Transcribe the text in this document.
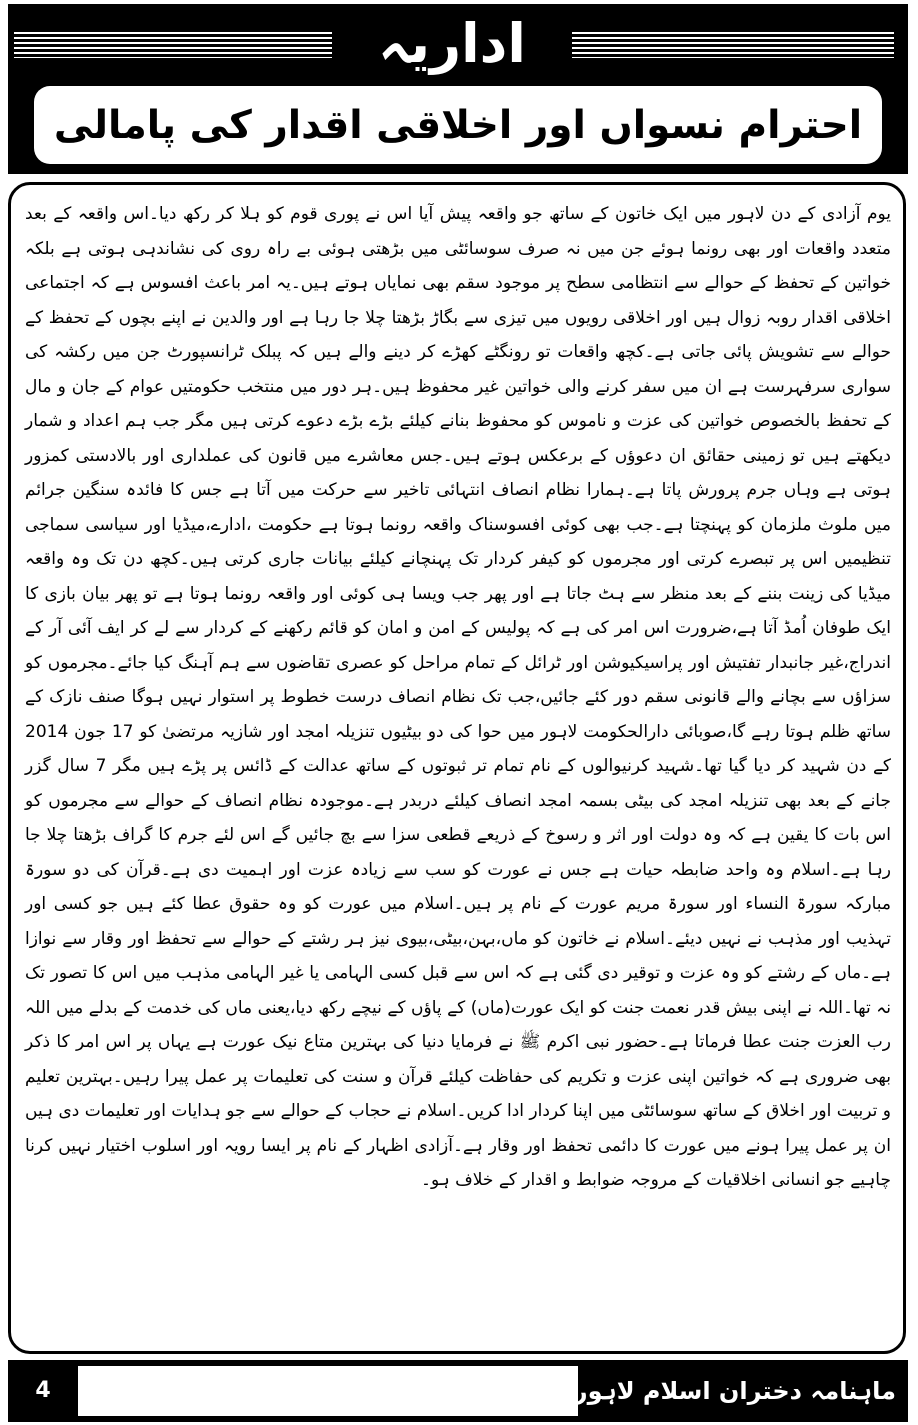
اداریہ
احترام نسواں اور اخلاقی اقدار کی پامالی
یوم آزادی کے دن لاہور میں ایک خاتون کے ساتھ جو واقعہ پیش آیا اس نے پوری قوم کو ہلا کر رکھ دیا۔اس واقعہ کے بعد متعدد واقعات اور بھی رونما ہوئے جن میں نہ صرف سوسائٹی میں بڑھتی ہوئی بے راہ روی کی نشاندہی ہوتی ہے بلکہ خواتین کے تحفظ کے حوالے سے انتظامی سطح پر موجود سقم بھی نمایاں ہوتے ہیں۔یہ امر باعث افسوس ہے کہ اجتماعی اخلاقی اقدار روبہ زوال ہیں اور اخلاقی رویوں میں تیزی سے بگاڑ بڑھتا چلا جا رہا ہے اور والدین نے اپنے بچوں کے تحفظ کے حوالے سے تشویش پائی جاتی ہے۔کچھ واقعات تو رونگٹے کھڑے کر دینے والے ہیں کہ پبلک ٹرانسپورٹ جن میں رکشہ کی سواری سرفہرست ہے ان میں سفر کرنے والی خواتین غیر محفوظ ہیں۔ہر دور میں منتخب حکومتیں عوام کے جان و مال کے تحفظ بالخصوص خواتین کی عزت و ناموس کو محفوظ بنانے کیلئے بڑے بڑے دعوے کرتی ہیں مگر جب ہم اعداد و شمار دیکھتے ہیں تو زمینی حقائق ان دعوؤں کے برعکس ہوتے ہیں۔جس معاشرے میں قانون کی عملداری اور بالادستی کمزور ہوتی ہے وہاں جرم پرورش پاتا ہے۔ہمارا نظام انصاف انتہائی تاخیر سے حرکت میں آتا ہے جس کا فائدہ سنگین جرائم میں ملوث ملزمان کو پہنچتا ہے۔جب بھی کوئی افسوسناک واقعہ رونما ہوتا ہے حکومت ،ادارے،میڈیا اور سیاسی سماجی تنظیمیں اس پر تبصرے کرتی اور مجرموں کو کیفر کردار تک پہنچانے کیلئے بیانات جاری کرتی ہیں۔کچھ دن تک وہ واقعہ میڈیا کی زینت بننے کے بعد منظر سے ہٹ جاتا ہے اور پھر جب ویسا ہی کوئی اور واقعہ رونما ہوتا ہے تو پھر بیان بازی کا ایک طوفان اُمڈ آتا ہے،ضرورت اس امر کی ہے کہ پولیس کے امن و امان کو قائم رکھنے کے کردار سے لے کر ایف آئی آر کے اندراج،غیر جانبدار تفتیش اور پراسیکیوشن اور ٹرائل کے تمام مراحل کو عصری تقاضوں سے ہم آہنگ کیا جائے۔مجرموں کو سزاؤں سے بچانے والے قانونی سقم دور کئے جائیں،جب تک نظام انصاف درست خطوط پر استوار نہیں ہوگا صنف نازک کے ساتھ ظلم ہوتا رہے گا،صوبائی دارالحکومت لاہور میں حوا کی دو بیٹیوں تنزیلہ امجد اور شازیہ مرتضیٰ کو 17 جون 2014 کے دن شہید کر دیا گیا تھا۔شہید کرنیوالوں کے نام تمام تر ثبوتوں کے ساتھ عدالت کے ڈائس پر پڑے ہیں مگر 7 سال گزر جانے کے بعد بھی تنزیلہ امجد کی بیٹی بسمہ امجد انصاف کیلئے دربدر ہے۔موجودہ نظام انصاف کے حوالے سے مجرموں کو اس بات کا یقین ہے کہ وہ دولت اور اثر و رسوخ کے ذریعے قطعی سزا سے بچ جائیں گے اس لئے جرم کا گراف بڑھتا چلا جا رہا ہے۔اسلام وہ واحد ضابطہ حیات ہے جس نے عورت کو سب سے زیادہ عزت اور اہمیت دی ہے۔قرآن کی دو سورۃ مبارکہ سورۃ النساء اور سورۃ مریم عورت کے نام پر ہیں۔اسلام میں عورت کو وہ حقوق عطا کئے ہیں جو کسی اور تہذیب اور مذہب نے نہیں دیئے۔اسلام نے خاتون کو ماں،بہن،بیٹی،بیوی نیز ہر رشتے کے حوالے سے تحفظ اور وقار سے نوازا ہے۔ماں کے رشتے کو وہ عزت و توقیر دی گئی ہے کہ اس سے قبل کسی الہامی یا غیر الہامی مذہب میں اس کا تصور تک نہ تھا۔اللہ نے اپنی بیش قدر نعمت جنت کو ایک عورت(ماں) کے پاؤں کے نیچے رکھ دیا،یعنی ماں کی خدمت کے بدلے میں اللہ رب العزت جنت عطا فرماتا ہے۔حضور نبی اکرم ﷺ نے فرمایا دنیا کی بہترین متاع نیک عورت ہے یہاں پر اس امر کا ذکر بھی ضروری ہے کہ خواتین اپنی عزت و تکریم کی حفاظت کیلئے قرآن و سنت کی تعلیمات پر عمل پیرا رہیں۔بہترین تعلیم و تربیت اور اخلاق کے ساتھ سوسائٹی میں اپنا کردار ادا کریں۔اسلام نے حجاب کے حوالے سے جو ہدایات اور تعلیمات دی ہیں ان پر عمل پیرا ہونے میں عورت کا دائمی تحفظ اور وقار ہے۔آزادی اظہار کے نام پر ایسا رویہ اور اسلوب اختیار نہیں کرنا چاہیے جو انسانی اخلاقیات کے مروجہ ضوابط و اقدار کے خلاف ہو۔
4	ماہنامہ دختران اسلام لاہور ستمبر 2021
